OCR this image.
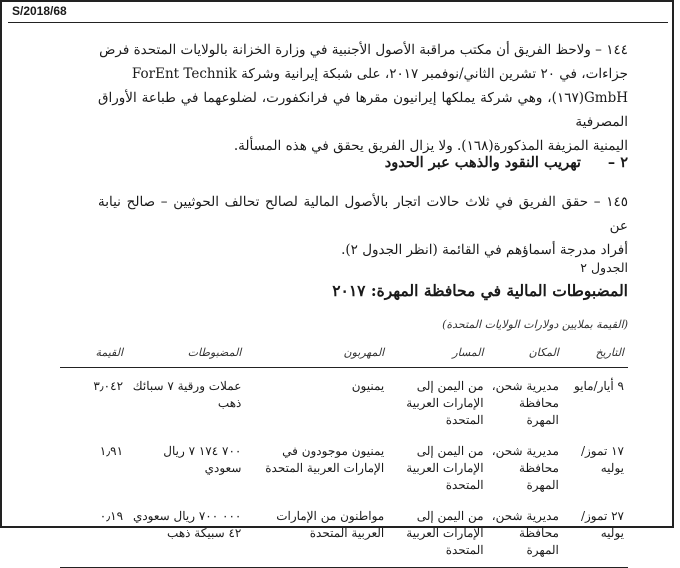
S/2018/68
١٤٤ – ولاحظ الفريق أن مكتب مراقبة الأصول الأجنبية في وزارة الخزانة بالولايات المتحدة فرض
جزاءات، في ٢٠ تشرين الثاني/نوفمبر ٢٠١٧، على شبكة إيرانية وشركة ForEnt Technik
GmbH(١٦٧)، وهي شركة يملكها إيرانيون مقرها في فرانكفورت، لضلوعهما في طباعة الأوراق المصرفية
اليمنية المزيفة المذكورة(١٦٨). ولا يزال الفريق يحقق في هذه المسألة.
٢ – تهريب النقود والذهب عبر الحدود
١٤٥ – حقق الفريق في ثلاث حالات اتجار بالأصول المالية لصالح تحالف الحوثيين – صالح نيابة عن
أفراد مدرجة أسماؤهم في القائمة (انظر الجدول ٢).
الجدول ٢
المضبوطات المالية في محافظة المهرة: ٢٠١٧
(القيمة بملايين دولارات الولايات المتحدة)
التاريخ	المكان	المسار	المهربون	المضبوطات	القيمة
٩ أيار/مايو	مديرية شحن، محافظة المهرة	من اليمن إلى الإمارات العربية المتحدة	يمنيون	عملات ورقية ٧ سبائك ذهب	٣٫٠٤٢
١٧ تموز/يوليه	مديرية شحن، محافظة المهرة	من اليمن إلى الإمارات العربية المتحدة	يمنيون موجودون في الإمارات العربية المتحدة	٧٠٠ ١٧٤ ٧ ريال سعودي	١٫٩١
٢٧ تموز/يوليه	مديرية شحن، محافظة المهرة	من اليمن إلى الإمارات العربية المتحدة	مواطنون من الإمارات العربية المتحدة	٠٠٠ ٧٠٠ ريال سعودي ٤٢ سبيكة ذهب	٠٫١٩
